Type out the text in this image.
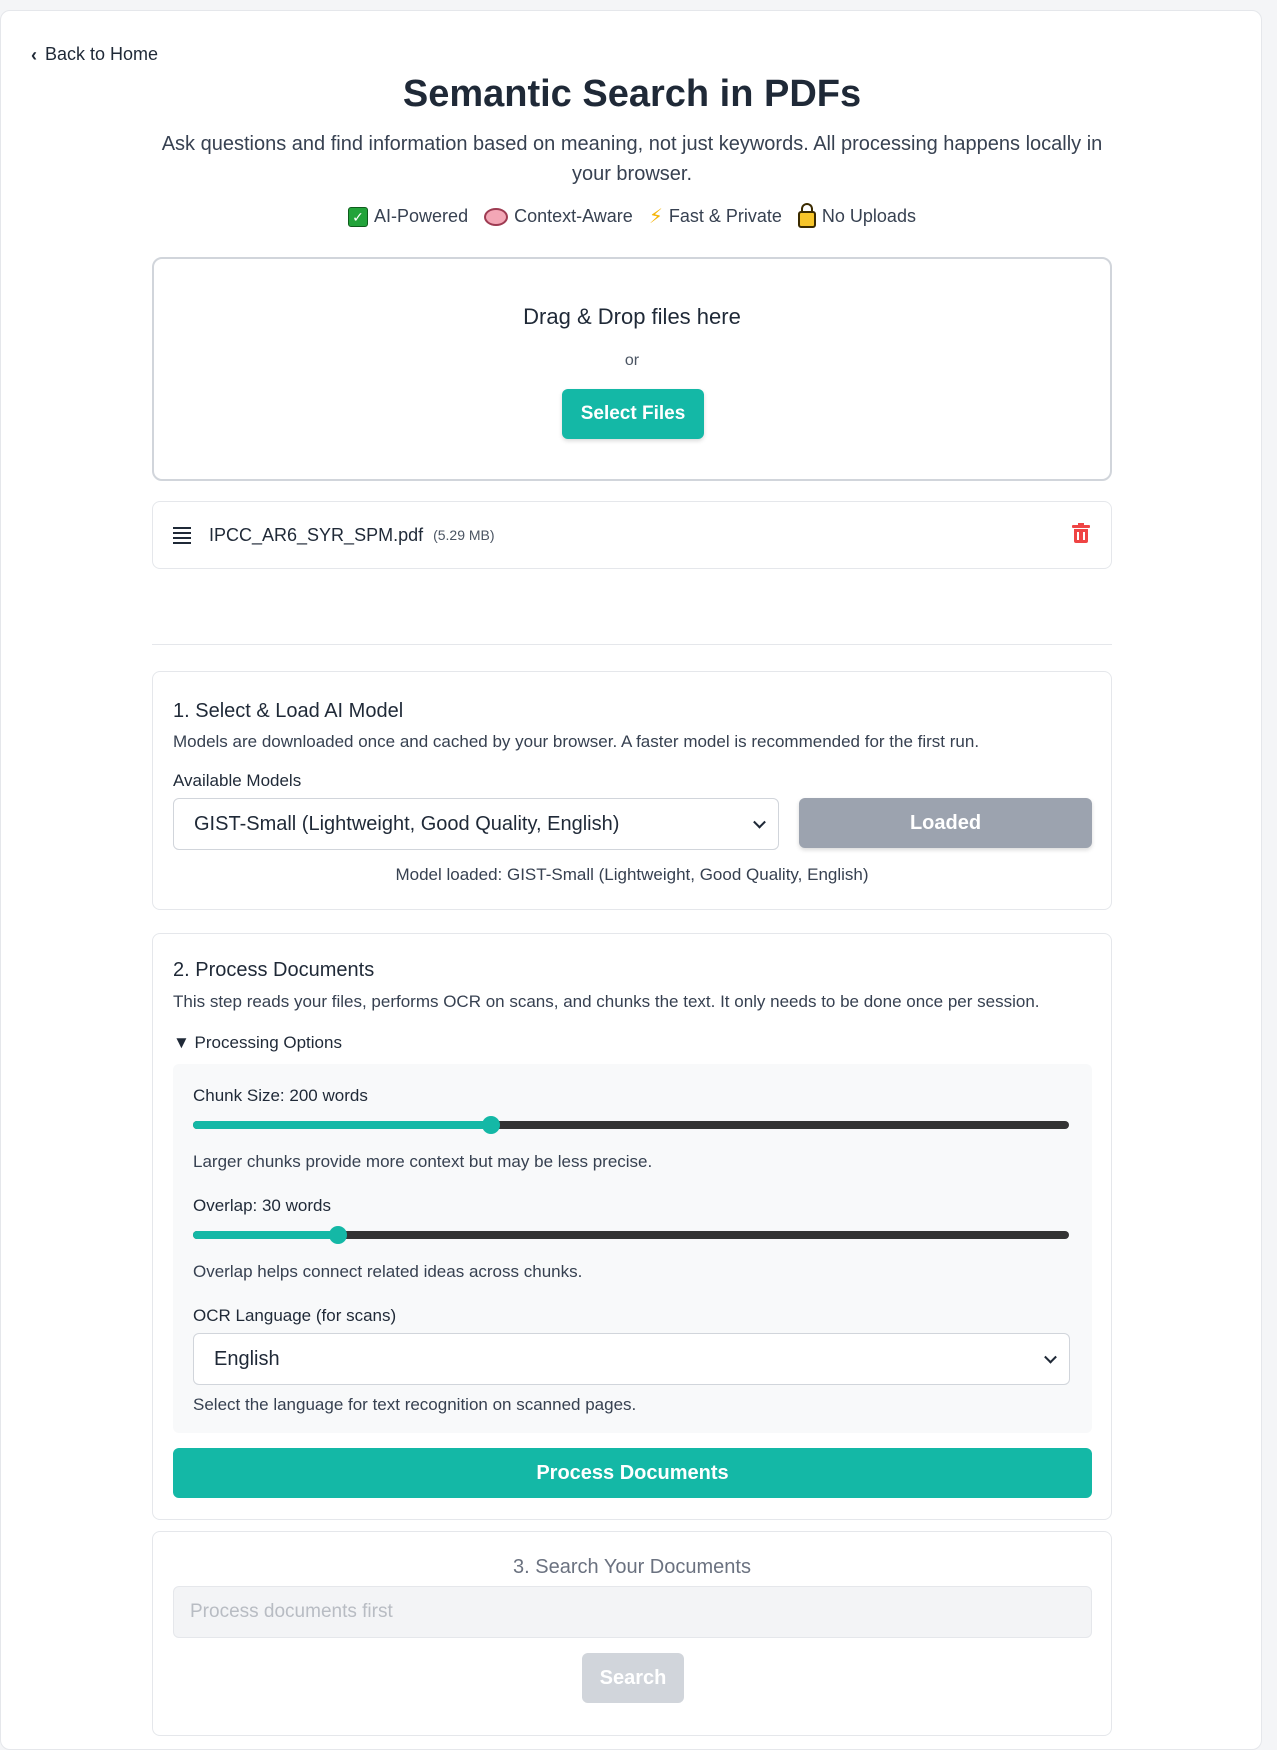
‹ Back to Home
Semantic Search in PDFs

Ask questions and find information based on meaning, not just keywords. All processing happens locally in your browser.

✓ AI-Powered	Context-Aware ⚡ Fast & Private No Uploads
Drag & Drop files here
or
Select Files
IPCC_AR6_SYR_SPM.pdf (5.29 MB)
1. Select & Load AI Model
Models are downloaded once and cached by your browser. A faster model is recommended for the first run.
Available Models
GIST-Small (Lightweight, Good Quality, English)	Loaded
Model loaded: GIST-Small (Lightweight, Good Quality, English)
2. Process Documents
This step reads your files, performs OCR on scans, and chunks the text. It only needs to be done once per session.
▼ Processing Options
Chunk Size: 200 words
Larger chunks provide more context but may be less precise.
Overlap: 30 words
Overlap helps connect related ideas across chunks.
OCR Language (for scans)
English
Select the language for text recognition on scanned pages.
Process Documents
3. Search Your Documents
Process documents first
Search
